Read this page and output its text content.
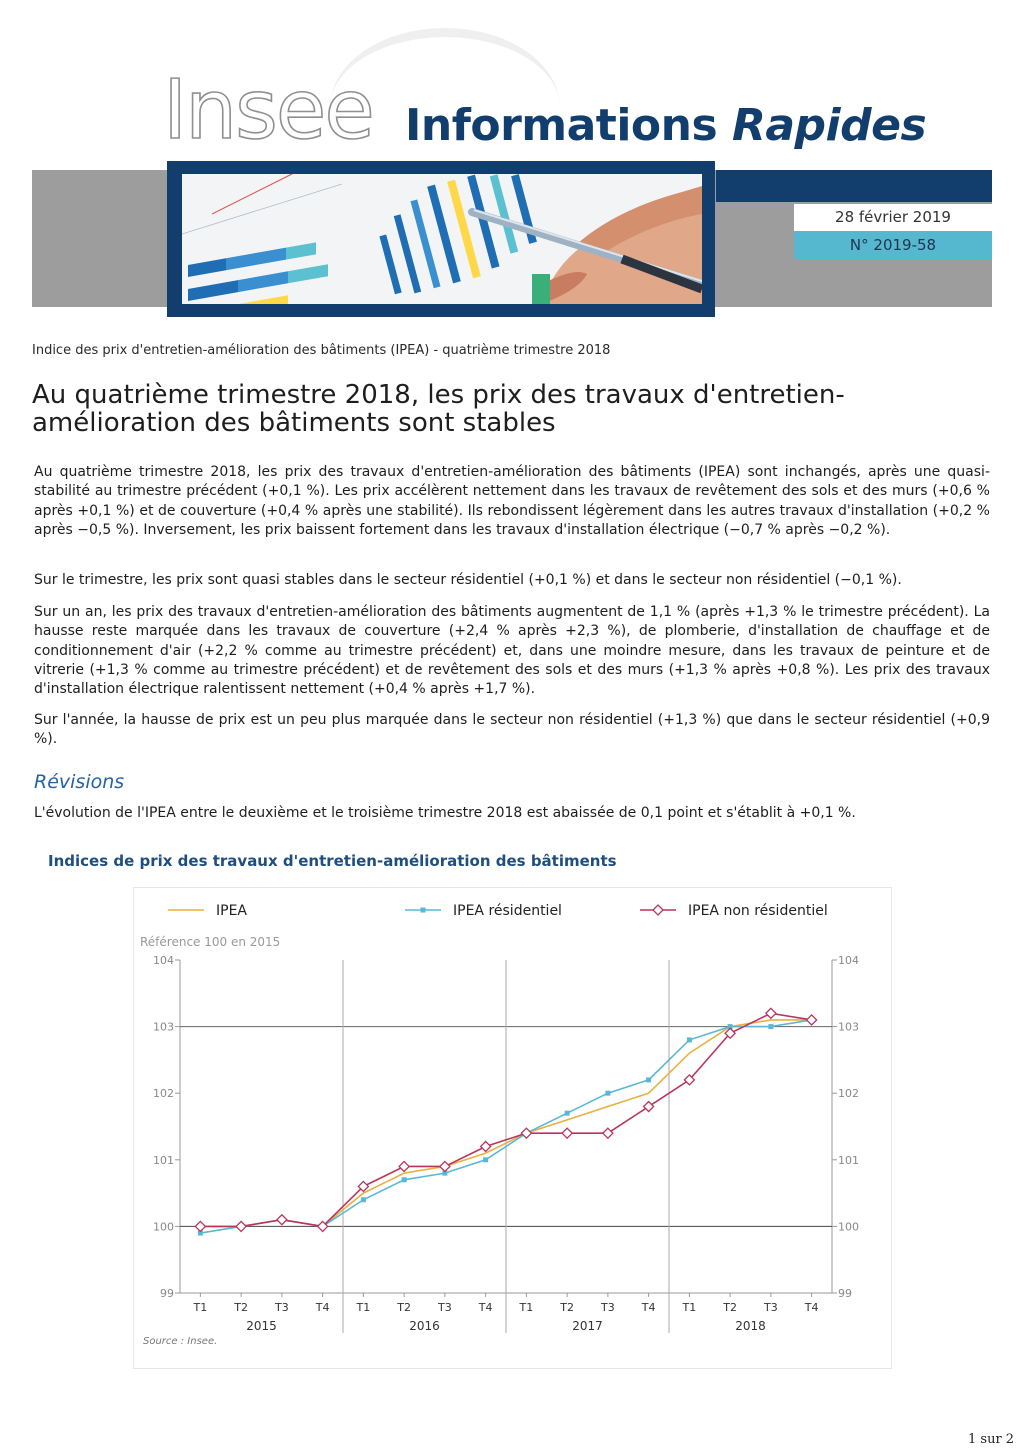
Insee Informations Rapides
28 février 2019
N° 2019-58
Indice des prix d'entretien-amélioration des bâtiments (IPEA) - quatrième trimestre 2018
Au quatrième trimestre 2018, les prix des travaux d'entretien-amélioration des bâtiments sont stables
Au quatrième trimestre 2018, les prix des travaux d'entretien-amélioration des bâtiments (IPEA) sont inchangés, après une quasi-stabilité au trimestre précédent (+0,1 %). Les prix accélèrent nettement dans les travaux de revêtement des sols et des murs (+0,6 % après +0,1 %) et de couverture (+0,4 % après une stabilité). Ils rebondissent légèrement dans les autres travaux d'installation (+0,2 % après −0,5 %). Inversement, les prix baissent fortement dans les travaux d'installation électrique (−0,7 % après −0,2 %).
Sur le trimestre, les prix sont quasi stables dans le secteur résidentiel (+0,1 %) et dans le secteur non résidentiel (−0,1 %).
Sur un an, les prix des travaux d'entretien-amélioration des bâtiments augmentent de 1,1 % (après +1,3 % le trimestre précédent). La hausse reste marquée dans les travaux de couverture (+2,4 % après +2,3 %), de plomberie, d'installation de chauffage et de conditionnement d'air (+2,2 % comme au trimestre précédent) et, dans une moindre mesure, dans les travaux de peinture et de vitrerie (+1,3 % comme au trimestre précédent) et de revêtement des sols et des murs (+1,3 % après +0,8 %). Les prix des travaux d'installation électrique ralentissent nettement (+0,4 % après +1,7 %).
Sur l'année, la hausse de prix est un peu plus marquée dans le secteur non résidentiel (+1,3 %) que dans le secteur résidentiel (+0,9 %).
Révisions
L'évolution de l'IPEA entre le deuxième et le troisième trimestre 2018 est abaissée de 0,1 point et s'établit à +0,1 %.
Indices de prix des travaux d'entretien-amélioration des bâtiments
99	99
100	100
101	101
102	102
103	103
104	104
T1 T2 T3 T4 T1 T2 T3 T4 T1 T2 T3 T4 T1 T2 T3 T4
2015	2016	2017	2018
IPEA	IPEA résidentiel	IPEA non résidentiel
Référence 100 en 2015
Source : Insee.
1 sur 2
